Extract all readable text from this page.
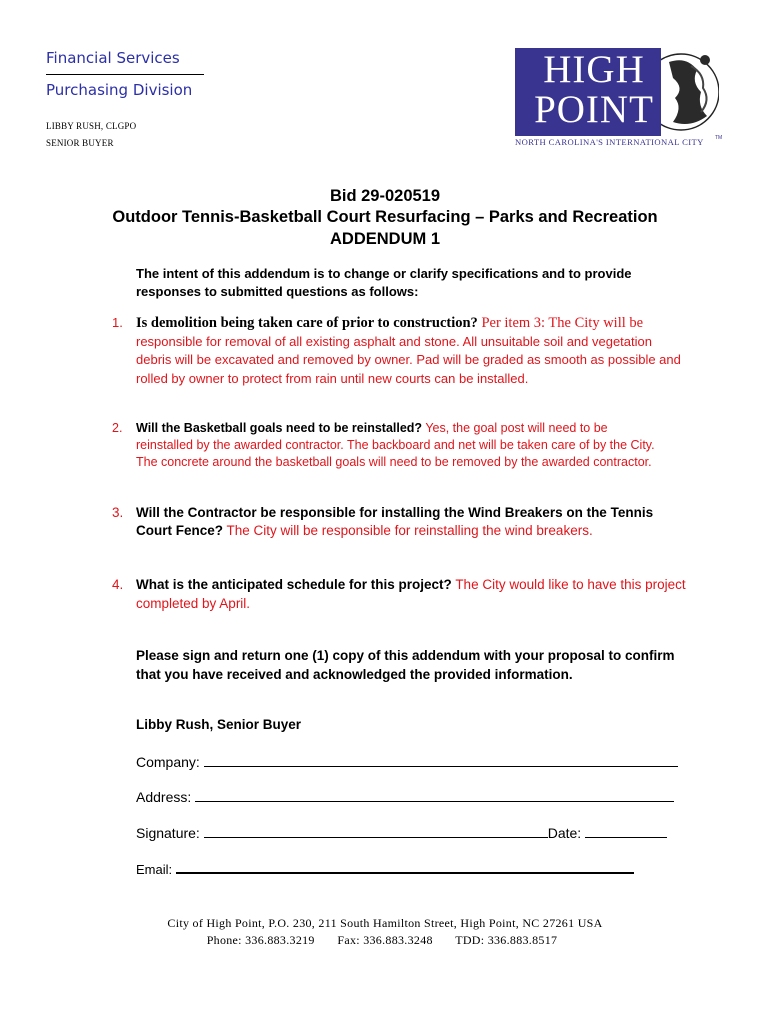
Financial Services
Purchasing Division
LIBBY RUSH, CLGPO
SENIOR BUYER
HIGH
POINT
NORTH CAROLINA'S INTERNATIONAL CITY	TM
Bid 29-020519
Outdoor Tennis-Basketball Court Resurfacing – Parks and Recreation
ADDENDUM 1
The intent of this addendum is to change or clarify specifications and to provide responses to submitted questions as follows:
1. Is demolition being taken care of prior to construction? Per item 3: The City will be responsible for removal of all existing asphalt and stone. All unsuitable soil and vegetation debris will be excavated and removed by owner. Pad will be graded as smooth as possible and rolled by owner to protect from rain until new courts can be installed.
2.	Will the Basketball goals need to be reinstalled? Yes, the goal post will need to be reinstalled by the awarded contractor. The backboard and net will be taken care of by the City. The concrete around the basketball goals will need to be removed by the awarded contractor.
3. Will the Contractor be responsible for installing the Wind Breakers on the Tennis Court Fence? The City will be responsible for reinstalling the wind breakers.
4. What is the anticipated schedule for this project? The City would like to have this project completed by April.
Please sign and return one (1) copy of this addendum with your proposal to confirm that you have received and acknowledged the provided information.
Libby Rush, Senior Buyer
Company:
Address:
Signature:	Date:
Email:
City of High Point, P.O. 230, 211 South Hamilton Street, High Point, NC 27261 USA
Phone: 336.883.3219 Fax: 336.883.3248 TDD: 336.883.8517
